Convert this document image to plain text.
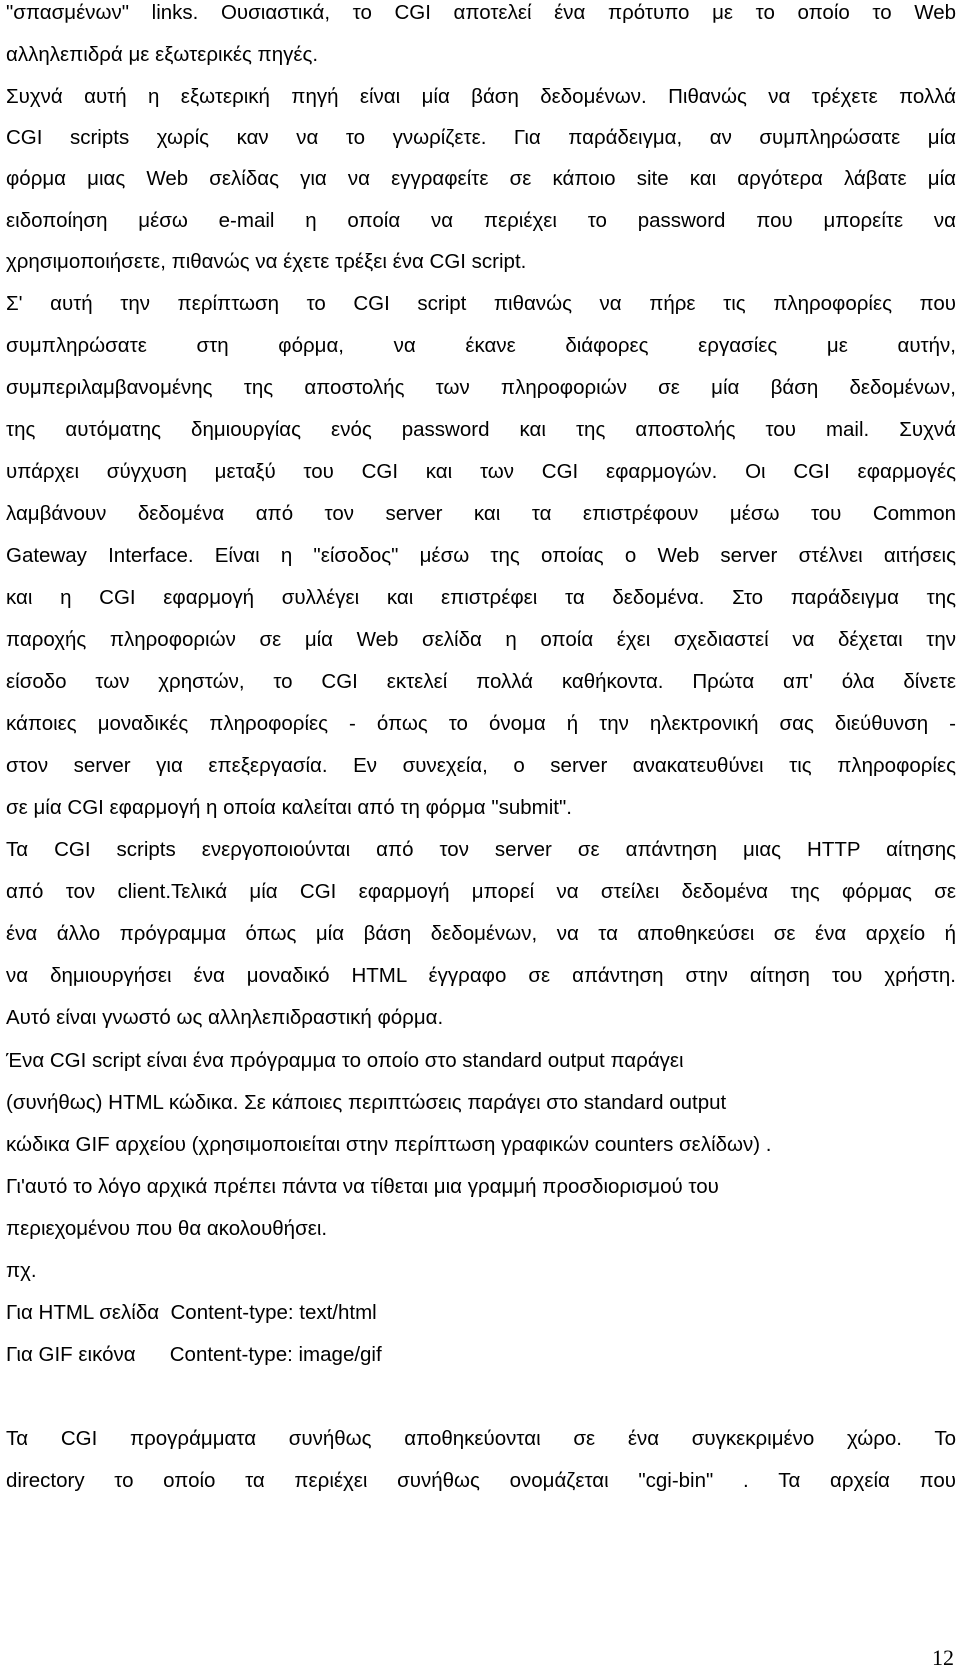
"σπασμένων" links. Ουσιαστικά, το CGI αποτελεί ένα πρότυπο με το οποίο το Web
αλληλεπιδρά με εξωτερικές πηγές.
Συχνά αυτή η εξωτερική πηγή είναι μία βάση δεδομένων. Πιθανώς να τρέχετε πολλά
CGI scripts χωρίς καν να το γνωρίζετε. Για παράδειγμα, αν συμπληρώσατε μία
φόρμα μιας Web σελίδας για να εγγραφείτε σε κάποιο site και αργότερα λάβατε μία
ειδοποίηση μέσω e-mail η οποία να περιέχει το password που μπορείτε να
χρησιμοποιήσετε, πιθανώς να έχετε τρέξει ένα CGI script.
Σ' αυτή την περίπτωση το CGI script πιθανώς να πήρε τις πληροφορίες που
συμπληρώσατε στη φόρμα, να έκανε διάφορες εργασίες με αυτήν,
συμπεριλαμβανομένης της αποστολής των πληροφοριών σε μία βάση δεδομένων,
της αυτόματης δημιουργίας ενός password και της αποστολής του mail. Συχνά
υπάρχει σύγχυση μεταξύ του CGI και των CGI εφαρμογών. Οι CGI εφαρμογές
λαμβάνουν δεδομένα από τον server και τα επιστρέφουν μέσω του Common
Gateway Interface. Είναι η "είσοδος" μέσω της οποίας ο Web server στέλνει αιτήσεις
και η CGI εφαρμογή συλλέγει και επιστρέφει τα δεδομένα. Στο παράδειγμα της
παροχής πληροφοριών σε μία Web σελίδα η οποία έχει σχεδιαστεί να δέχεται την
είσοδο των χρηστών, το CGI εκτελεί πολλά καθήκοντα. Πρώτα απ' όλα δίνετε
κάποιες μοναδικές πληροφορίες - όπως το όνομα ή την ηλεκτρονική σας διεύθυνση -
στον server για επεξεργασία. Εν συνεχεία, ο server ανακατευθύνει τις πληροφορίες
σε μία CGI εφαρμογή η οποία καλείται από τη φόρμα "submit".
Τα CGI scripts ενεργοποιούνται από τον server σε απάντηση μιας HTTP αίτησης
από τον client.Τελικά μία CGI εφαρμογή μπορεί να στείλει δεδομένα της φόρμας σε
ένα άλλο πρόγραμμα όπως μία βάση δεδομένων, να τα αποθηκεύσει σε ένα αρχείο ή
να δημιουργήσει ένα μοναδικό HTML έγγραφο σε απάντηση στην αίτηση του χρήστη.
Αυτό είναι γνωστό ως αλληλεπιδραστική φόρμα.
Ένα CGI script είναι ένα πρόγραμμα το οποίο στο standard output παράγει
(συνήθως) HTML κώδικα. Σε κάποιες περιπτώσεις παράγει στο standard output
κώδικα GIF αρχείου (χρησιμοποιείται στην περίπτωση γραφικών counters σελίδων) .
Γι'αυτό το λόγο αρχικά πρέπει πάντα να τίθεται μια γραμμή προσδιορισμού του
περιεχομένου που θα ακολουθήσει.
πχ.
Για HTML σελίδα  Content-type: text/html
Για GIF εικόνα      Content-type: image/gif
Τα CGI προγράμματα συνήθως αποθηκεύονται σε ένα συγκεκριμένο χώρο. Το
directory το οποίο τα περιέχει συνήθως ονομάζεται "cgi-bin" . Τα αρχεία που
12
